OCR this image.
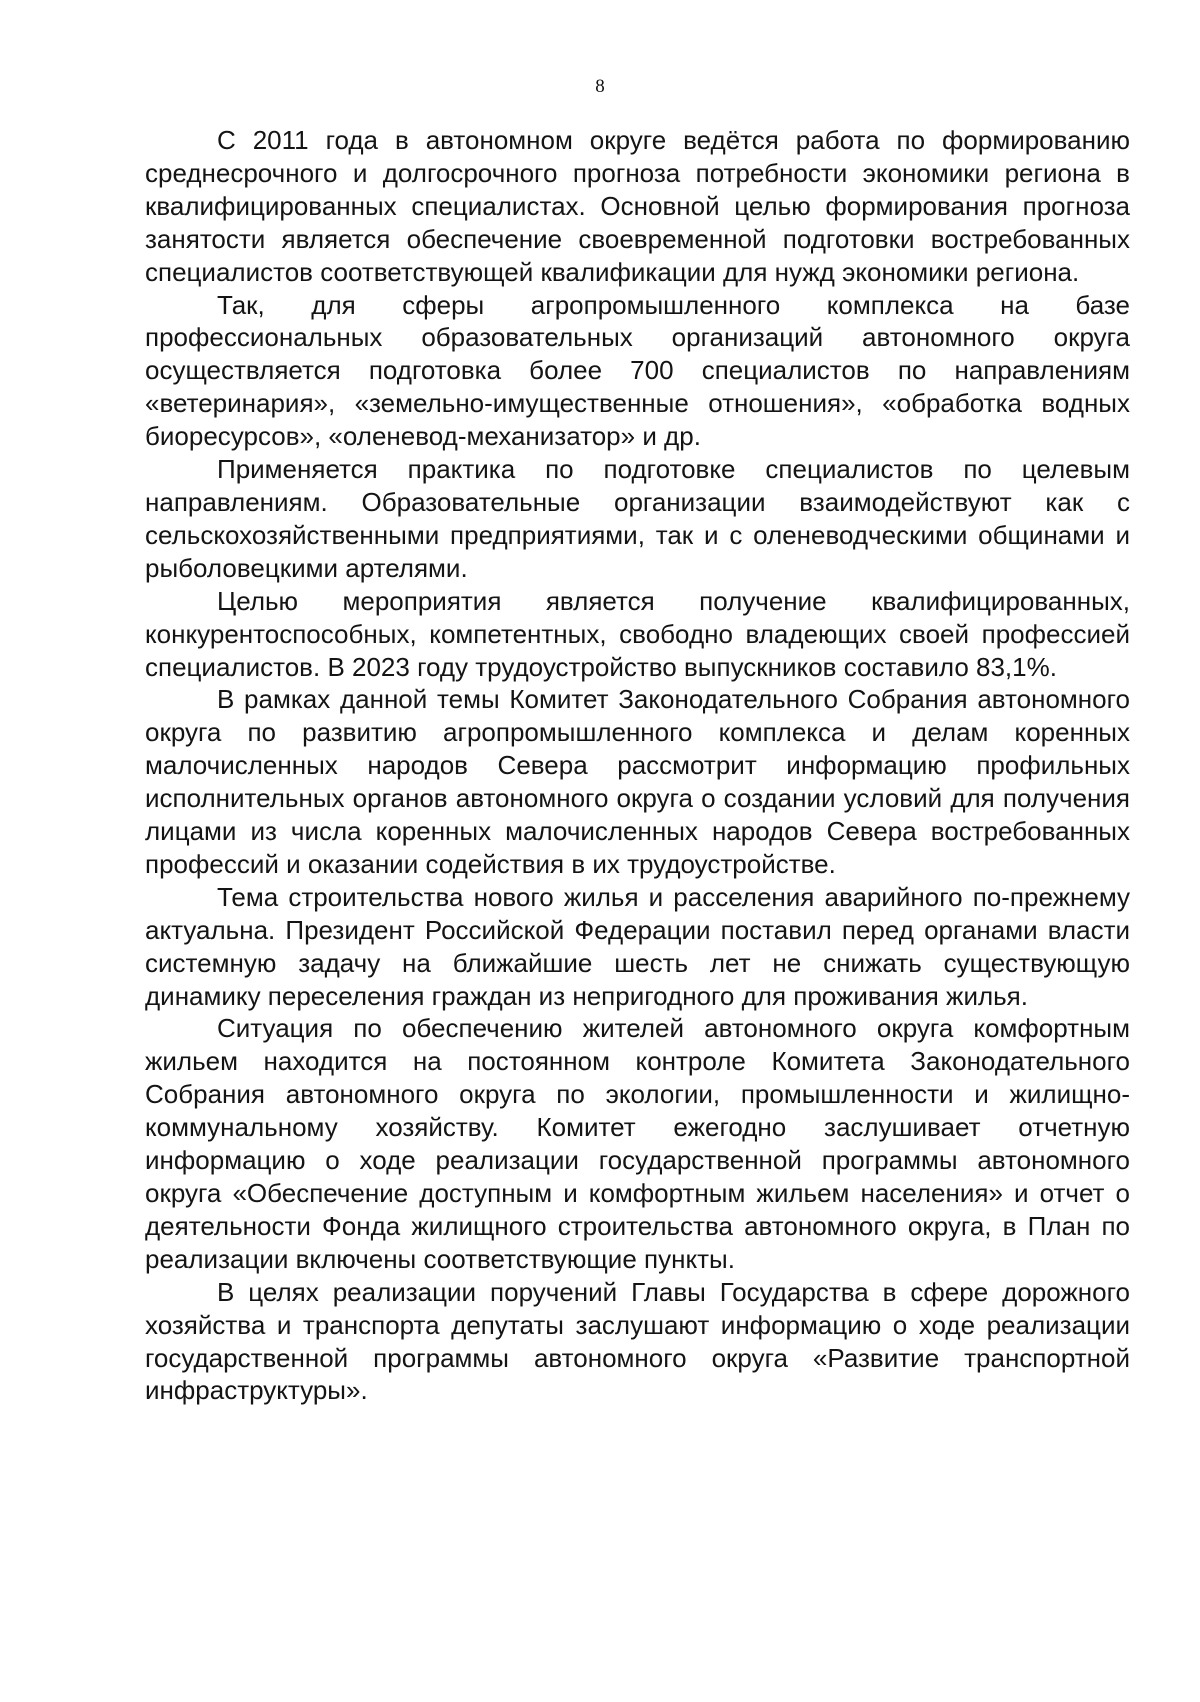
8

С 2011 года в автономном округе ведётся работа по формированию среднесрочного и долгосрочного прогноза потребности экономики региона в квалифицированных специалистах. Основной целью формирования прогноза занятости является обеспечение своевременной подготовки востребованных специалистов соответствующей квалификации для нужд экономики региона.

Так, для сферы агропромышленного комплекса на базе профессиональных образовательных организаций автономного округа осуществляется подготовка более 700 специалистов по направлениям «ветеринария», «земельно-имущественные отношения», «обработка водных биоресурсов», «оленевод-механизатор» и др.

Применяется практика по подготовке специалистов по целевым направлениям. Образовательные организации взаимодействуют как с сельскохозяйственными предприятиями, так и с оленеводческими общинами и рыболовецкими артелями.

Целью мероприятия является получение квалифицированных, конкурентоспособных, компетентных, свободно владеющих своей профессией специалистов. В 2023 году трудоустройство выпускников составило 83,1%.

В рамках данной темы Комитет Законодательного Собрания автономного округа по развитию агропромышленного комплекса и делам коренных малочисленных народов Севера рассмотрит информацию профильных исполнительных органов автономного округа о создании условий для получения лицами из числа коренных малочисленных народов Севера востребованных профессий и оказании содействия в их трудоустройстве.

Тема строительства нового жилья и расселения аварийного по-прежнему актуальна. Президент Российской Федерации поставил перед органами власти системную задачу на ближайшие шесть лет не снижать существующую динамику переселения граждан из непригодного для проживания жилья.

Ситуация по обеспечению жителей автономного округа комфортным жильем находится на постоянном контроле Комитета Законодательного Собрания автономного округа по экологии, промышленности и жилищно-коммунальному хозяйству. Комитет ежегодно заслушивает отчетную информацию о ходе реализации государственной программы автономного округа «Обеспечение доступным и комфортным жильем населения» и отчет о деятельности Фонда жилищного строительства автономного округа, в План по реализации включены соответствующие пункты.

В целях реализации поручений Главы Государства в сфере дорожного хозяйства и транспорта депутаты заслушают информацию о ходе реализации государственной программы автономного округа «Развитие транспортной инфраструктуры».
